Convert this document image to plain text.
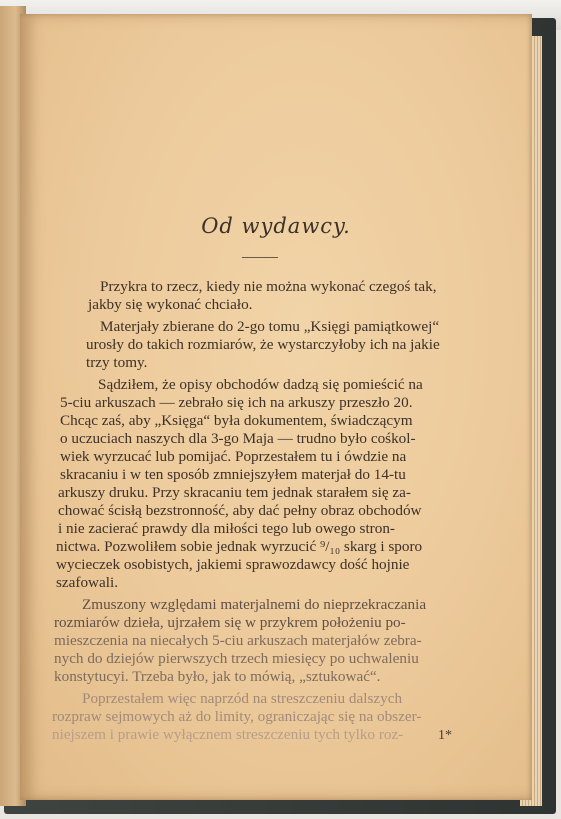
Od wydawcy.
Przykra to rzecz, kiedy nie można wykonać czegoś tak,
jakby się wykonać chciało.
Materjały zbierane do 2-go tomu „Księgi pamiątkowej“
urosły do takich rozmiarów, że wystarczyłoby ich na jakie
trzy tomy.
Sądziłem, że opisy obchodów dadzą się pomieścić na
5-ciu arkuszach — zebrało się ich na arkuszy przeszło 20.
Chcąc zaś, aby „Księga“ była dokumentem, świadczącym
o uczuciach naszych dla 3-go Maja — trudno było cośkol-
wiek wyrzucać lub pomijać. Poprzestałem tu i ówdzie na
skracaniu i w ten sposób zmniejszyłem materjał do 14-tu
arkuszy druku. Przy skracaniu tem jednak starałem się za-
chować ścisłą bezstronność, aby dać pełny obraz obchodów
i nie zacierać prawdy dla miłości tego lub owego stron-
nictwa. Pozwoliłem sobie jednak wyrzucić ⁹/₁₀ skarg i sporo
wycieczek osobistych, jakiemi sprawozdawcy dość hojnie
szafowali.
Zmuszony względami materjalnemi do nieprzekraczania
rozmiarów dzieła, ujrzałem się w przykrem położeniu po-
mieszczenia na niecałych 5-ciu arkuszach materjałów zebra-
nych do dziejów pierwszych trzech miesięcy po uchwaleniu
konstytucyi. Trzeba było, jak to mówią, „sztukować“.
Poprzestałem więc naprzód na streszczeniu dalszych
rozpraw sejmowych aż do limity, ograniczając się na obszer-
niejszem i prawie wyłącznem streszczeniu tych tylko roz- 1*
